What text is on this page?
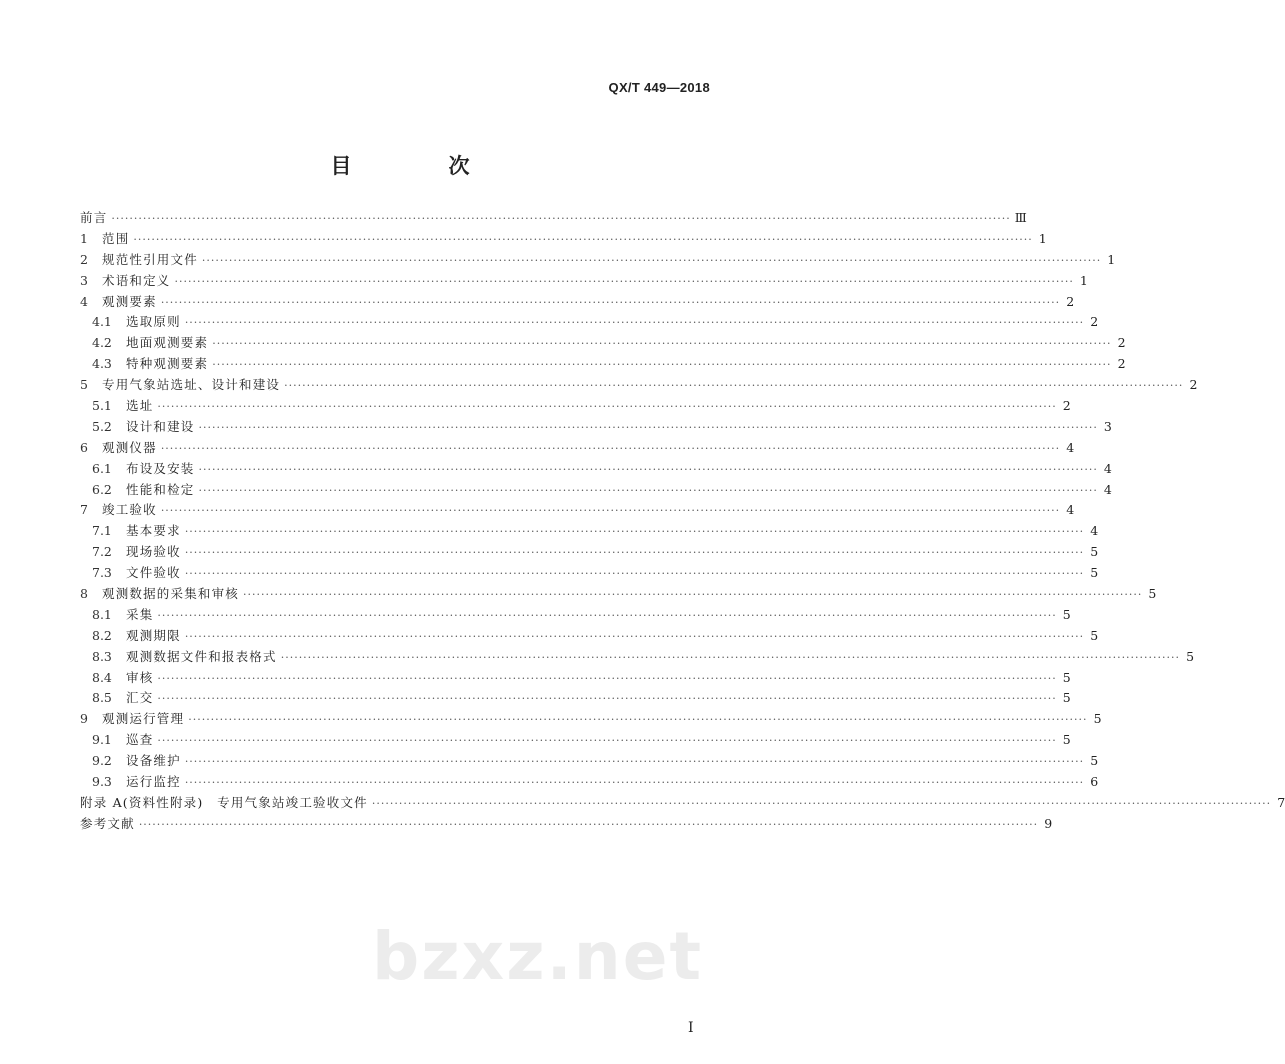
QX/T 449—2018
目　次
前言 ········································································································································································································ Ⅲ
1	范围 ········································································································································································································ 1
2	规范性引用文件 ········································································································································································································ 1
3	术语和定义 ········································································································································································································ 1
4	观测要素 ········································································································································································································ 2
4.1	选取原则 ········································································································································································································ 2
4.2	地面观测要素 ········································································································································································································ 2
4.3	特种观测要素 ········································································································································································································ 2
5	专用气象站选址、设计和建设 ········································································································································································································ 2
5.1	选址 ········································································································································································································ 2
5.2	设计和建设 ········································································································································································································ 3
6	观测仪器 ········································································································································································································ 4
6.1	布设及安装 ········································································································································································································ 4
6.2	性能和检定 ········································································································································································································ 4
7	竣工验收 ········································································································································································································ 4
7.1	基本要求 ········································································································································································································ 4
7.2	现场验收 ········································································································································································································ 5
7.3	文件验收 ········································································································································································································ 5
8	观测数据的采集和审核 ········································································································································································································ 5
8.1	采集 ········································································································································································································ 5
8.2	观测期限 ········································································································································································································ 5
8.3	观测数据文件和报表格式 ········································································································································································································ 5
8.4	审核 ········································································································································································································ 5
8.5	汇交 ········································································································································································································ 5
9	观测运行管理 ········································································································································································································ 5
9.1	巡查 ········································································································································································································ 5
9.2	设备维护 ········································································································································································································ 5
9.3	运行监控 ········································································································································································································ 6
附录 A(资料性附录)　专用气象站竣工验收文件 ········································································································································································································ 7
参考文献 ········································································································································································································ 9
bzxz.net
I
